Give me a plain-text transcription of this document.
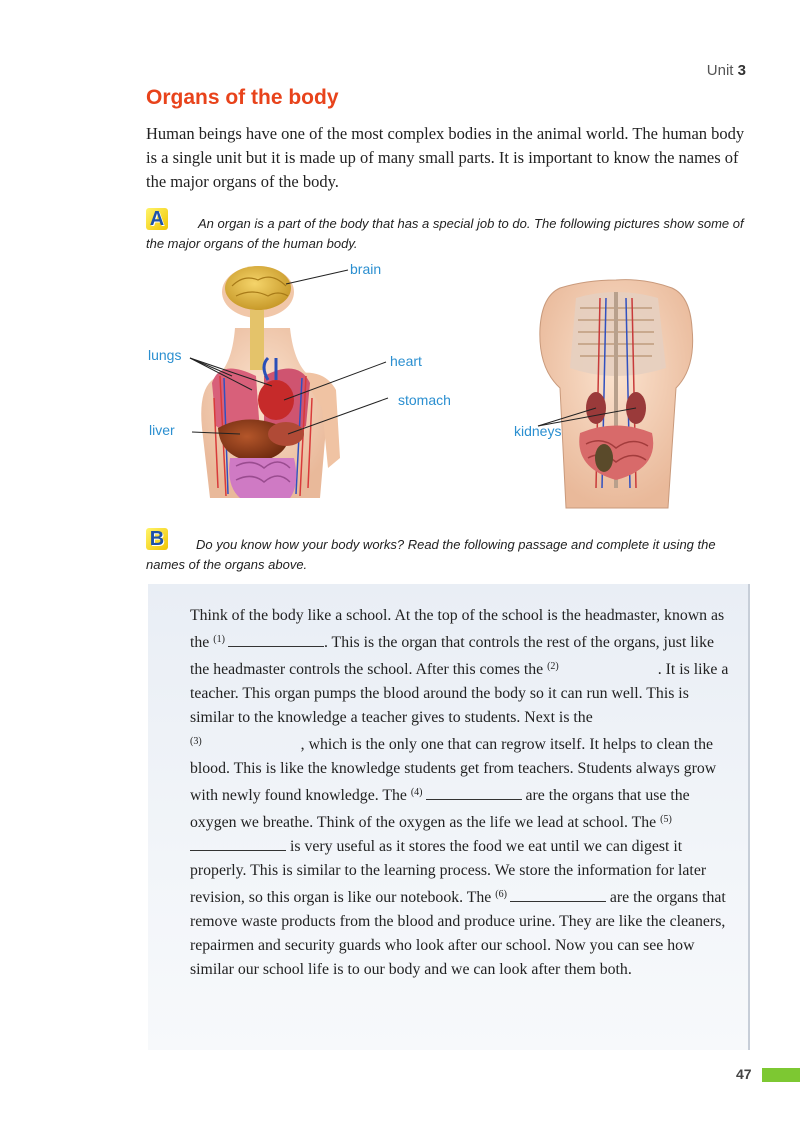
Unit 3
Organs of the body

Human beings have one of the most complex bodies in the animal world. The human body is a single unit but it is made up of many small parts. It is important to know the names of the major organs of the body.

A	An organ is a part of the body that has a special job to do. The following pictures show some of the major organs of the human body.

brain
lungs	heart
stomach
liver	kidneys
B	Do you know how your body works? Read the following passage and complete it using the names of the organs above.

Think of the body like a school. At the top of the school is the headmaster, known as the $^{(1)}$	. This is the organ that controls the rest of the organs, just like the headmaster controls the school. After this comes the $^{(2)}$	. It is like a teacher. This organ pumps the blood around the body so it can run well. This is similar to the knowledge a teacher gives to students. Next is the
$^{(3)}$	, which is the only one that can regrow itself. It helps to clean the blood. This is like the knowledge students get from teachers. Students always grow with newly found knowledge. The $^{(4)}$	are the organs that use the oxygen we breathe. Think of the oxygen as the life we lead at school. The $^{(5)}$ is very useful as it stores the food we eat until we can digest it properly. This is similar to the learning process. We store the information for later revision, so this organ is like our notebook. The $^{(6)}$	are the organs that remove waste products from the blood and produce urine. They are like the cleaners, repairmen and security guards who look after our school. Now you can see how similar our school life is to our body and we can look after them both.

47
